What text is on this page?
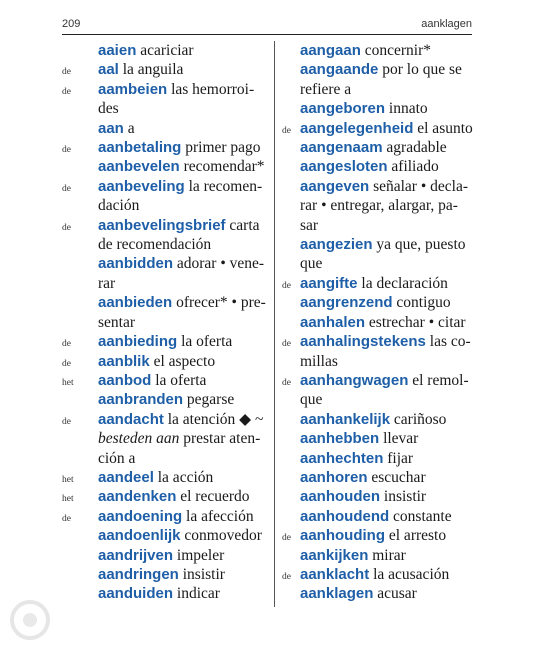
209	aanklagen
aaien acariciar
de	aal la anguila
de	aambeien las hemorroi-
des
aan a
de	aanbetaling primer pago
aanbevelen recomendar*
de	aanbeveling la recomen-
dación
de	aanbevelingsbrief carta
de recomendación
aanbidden adorar • vene-
rar
aanbieden ofrecer* • pre-
sentar
de	aanbieding la oferta
de	aanblik el aspecto
het	aanbod la oferta
aanbranden pegarse
de	aandacht la atención ◆ ~
besteden aan prestar aten-
ción a
het	aandeel la acción
het	aandenken el recuerdo
de	aandoening la afección
aandoenlijk conmovedor
aandrijven impeler
aandringen insistir
aanduiden indicar
aangaan concernir*
aangaande por lo que se
refiere a
aangeboren innato
de aangelegenheid el asunto
aangenaam agradable
aangesloten afiliado
aangeven señalar • decla-
rar • entregar, alargar, pa-
sar
aangezien ya que, puesto
que
de aangifte la declaración
aangrenzend contiguo
aanhalen estrechar • citar
de aanhalingstekens las co-
millas
de aanhangwagen el remol-
que
aanhankelijk cariñoso
aanhebben llevar
aanhechten fijar
aanhoren escuchar
aanhouden insistir
aanhoudend constante
de aanhouding el arresto
aankijken mirar
de aanklacht la acusación
aanklagen acusar
